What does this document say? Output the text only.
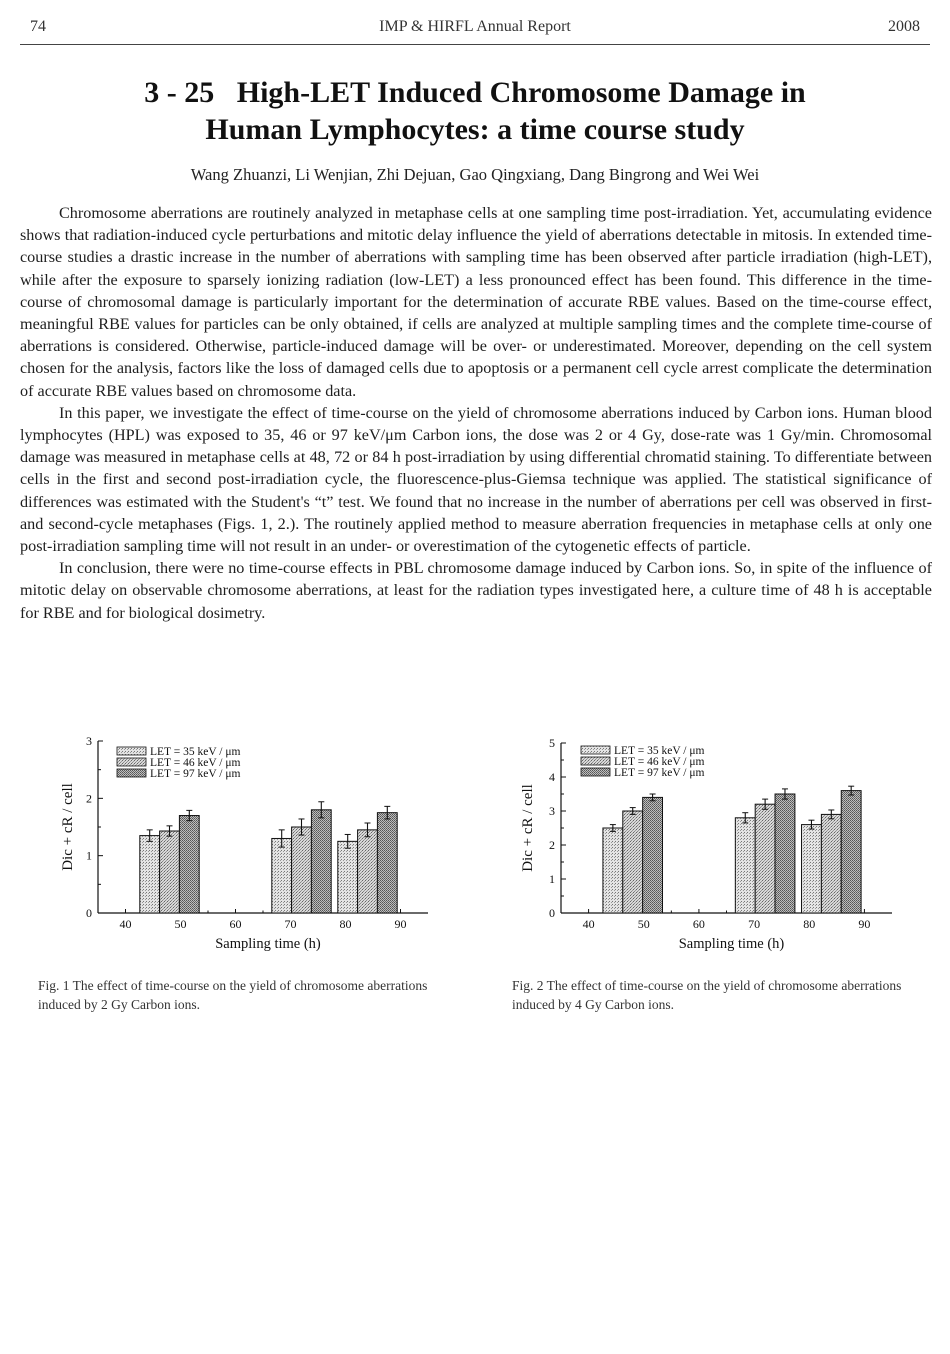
74	IMP & HIRFL Annual Report	2008
3 - 25   High-LET Induced Chromosome Damage in
Human Lymphocytes: a time course study
Wang Zhuanzi, Li Wenjian, Zhi Dejuan, Gao Qingxiang, Dang Bingrong and Wei Wei

Chromosome aberrations are routinely analyzed in metaphase cells at one sampling time post-irradiation. Yet, accumulating evidence shows that radiation-induced cycle perturbations and mitotic delay influence the yield of aberrations detectable in mitosis. In extended time-course studies a drastic increase in the number of aberrations with sampling time has been observed after particle irradiation (high-LET), while after the exposure to sparsely ionizing radiation (low-LET) a less pronounced effect has been found. This difference in the time-course of chromosomal damage is particularly important for the determination of accurate RBE values. Based on the time-course effect, meaningful RBE values for particles can be only obtained, if cells are analyzed at multiple sampling times and the complete time-course of aberrations is considered. Otherwise, particle-induced damage will be over- or underestimated. Moreover, depending on the cell system chosen for the analysis, factors like the loss of damaged cells due to apoptosis or a permanent cell cycle arrest complicate the determination of accurate RBE values based on chromosome data.

In this paper, we investigate the effect of time-course on the yield of chromosome aberrations induced by Carbon ions. Human blood lymphocytes (HPL) was exposed to 35, 46 or 97 keV/μm Carbon ions, the dose was 2 or 4 Gy, dose-rate was 1 Gy/min. Chromosomal damage was measured in metaphase cells at 48, 72 or 84 h post-irradiation by using differential chromatid staining. To differentiate between cells in the first and second post-irradiation cycle, the fluorescence-plus-Giemsa technique was applied. The statistical significance of differences was estimated with the Student's “t” test. We found that no increase in the number of aberrations per cell was observed in first- and second-cycle metaphases (Figs. 1, 2.). The routinely applied method to measure aberration frequencies in metaphase cells at only one post-irradiation sampling time will not result in an under- or overestimation of the cytogenetic effects of particle.

In conclusion, there were no time-course effects in PBL chromosome damage induced by Carbon ions. So, in spite of the influence of mitotic delay on observable chromosome aberrations, at least for the radiation types investigated here, a culture time of 48 h is acceptable for RBE and for biological dosimetry.

0
1
2
3
40	50	60	70	80	90
LET = 35 keV / μm
LET = 46 keV / μm
LET = 97 keV / μm
Sampling time (h)
Dic + cR / cell
Fig. 1 The effect of time-course on the yield of chromosome aberrations induced by 2 Gy Carbon ions.
0
1
2
3
4
5
40	50	60	70	80	90
LET = 35 keV / μm
LET = 46 keV / μm
LET = 97 keV / μm
Sampling time (h)
Dic + cR / cell
Fig. 2 The effect of time-course on the yield of chromosome aberrations induced by 4 Gy Carbon ions.
